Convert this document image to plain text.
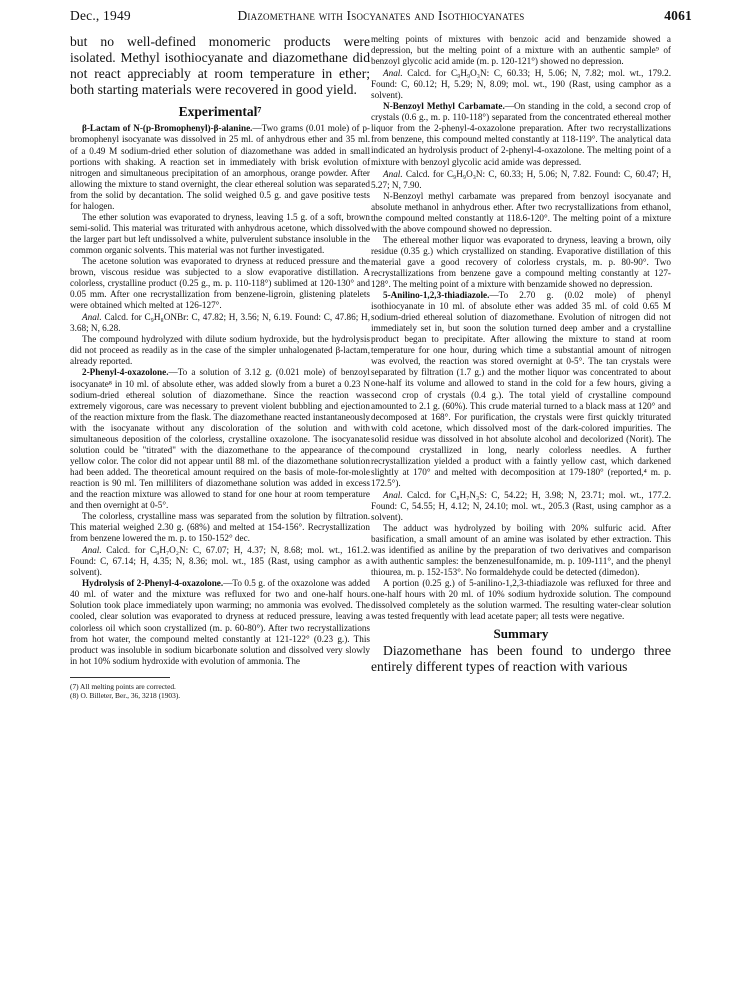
Dec., 1949	Diazomethane with Isocyanates and Isothiocyanates	4061

but no well-defined monomeric products were isolated. Methyl isothiocyanate and diazomethane did not react appreciably at room temperature in ether; both starting materials were recovered in good yield.

Experimental⁷

β-Lactam of N-(p-Bromophenyl)-β-alanine.—Two grams (0.01 mole) of p-bromophenyl isocyanate was dissolved in 25 ml. of anhydrous ether and 35 ml. of a 0.49 M sodium-dried ether solution of diazomethane was added in small portions with shaking. A reaction set in immediately with brisk evolution of nitrogen and simultaneous precipitation of an amorphous, orange powder. After allowing the mixture to stand overnight, the clear ethereal solution was separated from the solid by decantation. The solid weighed 0.5 g. and gave positive tests for halogen.

The ether solution was evaporated to dryness, leaving 1.5 g. of a soft, brown semi-solid. This material was triturated with anhydrous acetone, which dissolved the larger part but left undissolved a white, pulverulent substance insoluble in the common organic solvents. This material was not further investigated.

The acetone solution was evaporated to dryness at reduced pressure and the brown, viscous residue was subjected to a slow evaporative distillation. A colorless, crystalline product (0.25 g., m. p. 110-118°) sublimed at 120-130° and 0.05 mm. After one recrystallization from benzene-ligroin, glistening platelets were obtained which melted at 126-127°.

Anal. Calcd. for C₉H₈ONBr: C, 47.82; H, 3.56; N, 6.19. Found: C, 47.86; H, 3.68; N, 6.28.

The compound hydrolyzed with dilute sodium hydroxide, but the hydrolysis did not proceed as readily as in the case of the simpler unhalogenated β-lactam, already reported.

2-Phenyl-4-oxazolone.—To a solution of 3.12 g. (0.021 mole) of benzoyl isocyanate⁸ in 10 ml. of absolute ether, was added slowly from a buret a 0.23 N sodium-dried ethereal solution of diazomethane. Since the reaction was extremely vigorous, care was necessary to prevent violent bubbling and ejection of the reaction mixture from the flask. The diazomethane reacted instantaneously with the isocyanate without any discoloration of the solution and with simultaneous deposition of the colorless, crystalline oxazolone. The isocyanate solution could be "titrated" with the diazomethane to the appearance of the yellow color. The color did not appear until 88 ml. of the diazomethane solution had been added. The theoretical amount required on the basis of mole-for-mole reaction is 90 ml. Ten milliliters of diazomethane solution was added in excess and the reaction mixture was allowed to stand for one hour at room temperature and then overnight at 0-5°.

The colorless, crystalline mass was separated from the solution by filtration. This material weighed 2.30 g. (68%) and melted at 154-156°. Recrystallization from benzene lowered the m. p. to 150-152° dec.

Anal. Calcd. for C₉H₇O₂N: C, 67.07; H, 4.37; N, 8.68; mol. wt., 161.2. Found: C, 67.14; H, 4.35; N, 8.36; mol. wt., 185 (Rast, using camphor as a solvent).

Hydrolysis of 2-Phenyl-4-oxazolone.—To 0.5 g. of the oxazolone was added 40 ml. of water and the mixture was refluxed for two and one-half hours. Solution took place immediately upon warming; no ammonia was evolved. The cooled, clear solution was evaporated to dryness at reduced pressure, leaving a colorless oil which soon crystallized (m. p. 60-80°). After two recrystallizations from hot water, the compound melted constantly at 121-122° (0.23 g.). This product was insoluble in sodium bicarbonate solution and dissolved very slowly in hot 10% sodium hydroxide with evolution of ammonia. The

(7) All melting points are corrected.

(8) O. Billeter, Ber., 36, 3218 (1903).

melting points of mixtures with benzoic acid and benzamide showed a depression, but the melting point of a mixture with an authentic sample⁹ of benzoyl glycolic acid amide (m. p. 120-121°) showed no depression.

Anal. Calcd. for C₉H₉O₃N: C, 60.33; H, 5.06; N, 7.82; mol. wt., 179.2. Found: C, 60.12; H, 5.29; N, 8.09; mol. wt., 190 (Rast, using camphor as a solvent).

N-Benzoyl Methyl Carbamate.—On standing in the cold, a second crop of crystals (0.6 g., m. p. 110-118°) separated from the concentrated ethereal mother liquor from the 2-phenyl-4-oxazolone preparation. After two recrystallizations from benzene, this compound melted constantly at 118-119°. The analytical data indicated an hydrolysis product of 2-phenyl-4-oxazolone. The melting point of a mixture with benzoyl glycolic acid amide was depressed.

Anal. Calcd. for C₉H₉O₃N: C, 60.33; H, 5.06; N, 7.82. Found: C, 60.47; H, 5.27; N, 7.90.

N-Benzoyl methyl carbamate was prepared from benzoyl isocyanate and absolute methanol in anhydrous ether. After two recrystallizations from ethanol, the compound melted constantly at 118.6-120°. The melting point of a mixture with the above compound showed no depression.

The ethereal mother liquor was evaporated to dryness, leaving a brown, oily residue (0.35 g.) which crystallized on standing. Evaporative distillation of this material gave a good recovery of colorless crystals, m. p. 80-90°. Two recrystallizations from benzene gave a compound melting constantly at 127-128°. The melting point of a mixture with benzamide showed no depression.

5-Anilino-1,2,3-thiadiazole.—To 2.70 g. (0.02 mole) of phenyl isothiocyanate in 10 ml. of absolute ether was added 35 ml. of cold 0.65 M sodium-dried ethereal solution of diazomethane. Evolution of nitrogen did not immediately set in, but soon the solution turned deep amber and a crystalline product began to precipitate. After allowing the mixture to stand at room temperature for one hour, during which time a substantial amount of nitrogen was evolved, the reaction was stored overnight at 0-5°. The tan crystals were separated by filtration (1.7 g.) and the mother liquor was concentrated to about one-half its volume and allowed to stand in the cold for a few hours, giving a second crop of crystals (0.4 g.). The total yield of crystalline compound amounted to 2.1 g. (60%). This crude material turned to a black mass at 120° and decomposed at 168°. For purification, the crystals were first quickly triturated with cold acetone, which dissolved most of the dark-colored impurities. The solid residue was dissolved in hot absolute alcohol and decolorized (Norit). The compound crystallized in long, nearly colorless needles. A further recrystallization yielded a product with a faintly yellow cast, which darkened slightly at 170° and melted with decomposition at 179-180° (reported,⁴ m. p. 172.5°).

Anal. Calcd. for C₈H₇N₃S: C, 54.22; H, 3.98; N, 23.71; mol. wt., 177.2. Found: C, 54.55; H, 4.12; N, 24.10; mol. wt., 205.3 (Rast, using camphor as a solvent).

The adduct was hydrolyzed by boiling with 20% sulfuric acid. After basification, a small amount of an amine was isolated by ether extraction. This was identified as aniline by the preparation of two derivatives and comparison with authentic samples: the benzenesulfonamide, m. p. 109-111°, and the phenyl thiourea, m. p. 152-153°. No formaldehyde could be detected (dimedon).

A portion (0.25 g.) of 5-anilino-1,2,3-thiadiazole was refluxed for three and one-half hours with 20 ml. of 10% sodium hydroxide solution. The compound dissolved completely as the solution warmed. The resulting water-clear solution was tested frequently with lead acetate paper; all tests were negative.

Summary

Diazomethane has been found to undergo three entirely different types of reaction with various
